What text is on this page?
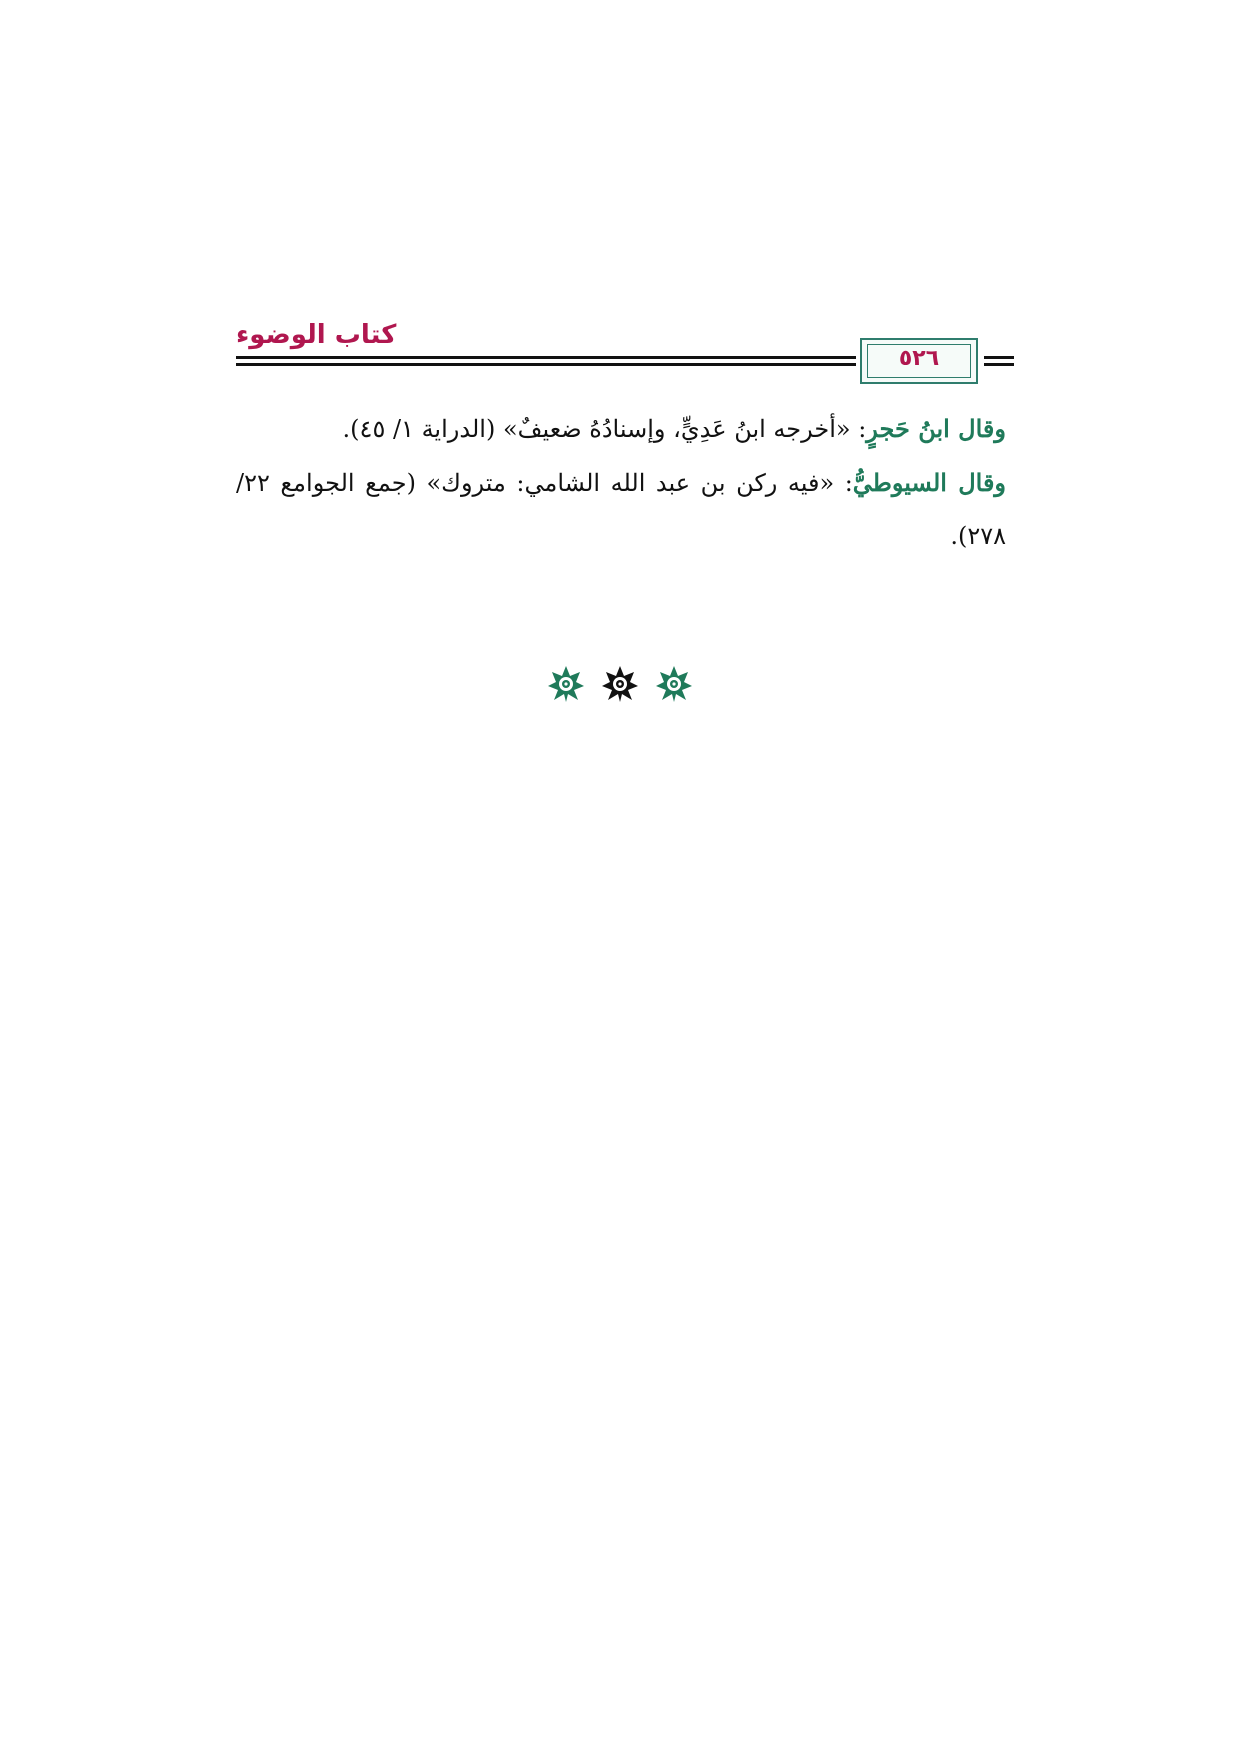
كتاب الوضوء
٥٢٦

وقال ابنُ حَجرٍ: «أخرجه ابنُ عَدِيٍّ، وإسنادُهُ ضعيفٌ» (الدراية ١/ ٤٥).

وقال السيوطيُّ: «فيه ركن بن عبد الله الشامي: متروك» (جمع الجوامع ٢٢/ ٢٧٨).
